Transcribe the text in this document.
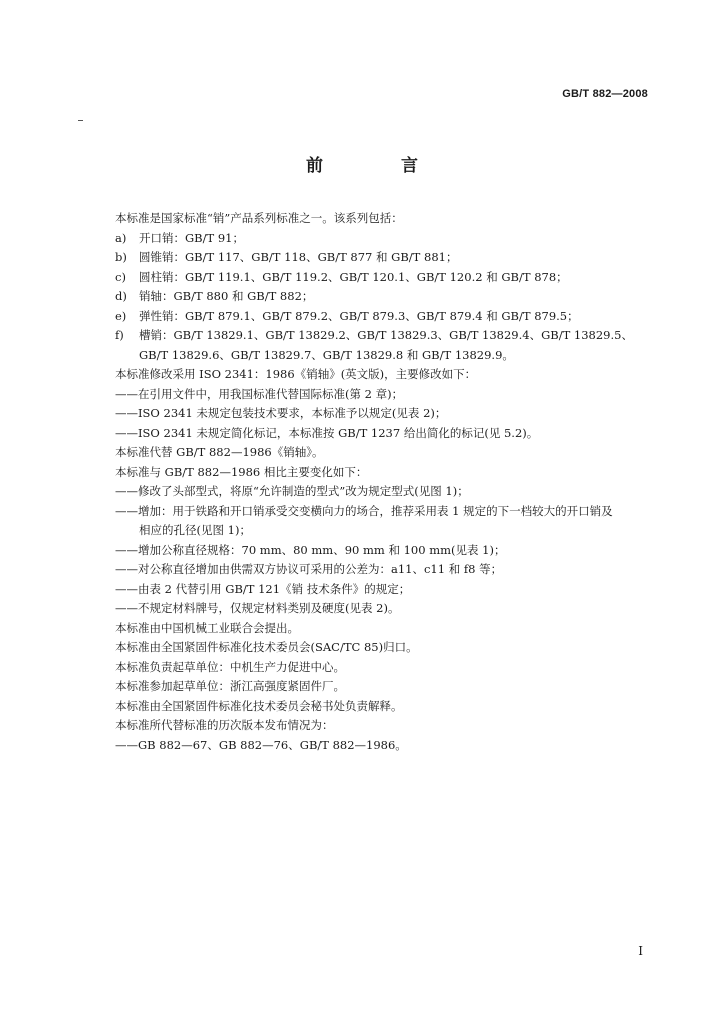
GB/T 882—2008
前 言
本标准是国家标准“销”产品系列标准之一。该系列包括：
a)	开口销：GB/T 91；
b)	圆锥销：GB/T 117、GB/T 118、GB/T 877 和 GB/T 881；
c)	圆柱销：GB/T 119.1、GB/T 119.2、GB/T 120.1、GB/T 120.2 和 GB/T 878；
d)	销轴：GB/T 880 和 GB/T 882；
e)	弹性销：GB/T 879.1、GB/T 879.2、GB/T 879.3、GB/T 879.4 和 GB/T 879.5；
f)	槽销：GB/T 13829.1、GB/T 13829.2、GB/T 13829.3、GB/T 13829.4、GB/T 13829.5、
GB/T 13829.6、GB/T 13829.7、GB/T 13829.8 和 GB/T 13829.9。
本标准修改采用 ISO 2341：1986《销轴》(英文版)，主要修改如下：
——在引用文件中，用我国标准代替国际标准(第 2 章)；
——ISO 2341 未规定包装技术要求，本标准予以规定(见表 2)；
——ISO 2341 未规定简化标记，本标准按 GB/T 1237 给出简化的标记(见 5.2)。
本标准代替 GB/T 882—1986《销轴》。
本标准与 GB/T 882—1986 相比主要变化如下：
——修改了头部型式，将原“允许制造的型式”改为规定型式(见图 1)；
——增加：用于铁路和开口销承受交变横向力的场合，推荐采用表 1 规定的下一档较大的开口销及
相应的孔径(见图 1)；
——增加公称直径规格：70 mm、80 mm、90 mm 和 100 mm(见表 1)；
——对公称直径增加由供需双方协议可采用的公差为：a11、c11 和 f8 等；
——由表 2 代替引用 GB/T 121《销 技术条件》的规定；
——不规定材料牌号，仅规定材料类别及硬度(见表 2)。
本标准由中国机械工业联合会提出。
本标准由全国紧固件标准化技术委员会(SAC/TC 85)归口。
本标准负责起草单位：中机生产力促进中心。
本标准参加起草单位：浙江高强度紧固件厂。
本标准由全国紧固件标准化技术委员会秘书处负责解释。
本标准所代替标准的历次版本发布情况为：
——GB 882—67、GB 882—76、GB/T 882—1986。
I
